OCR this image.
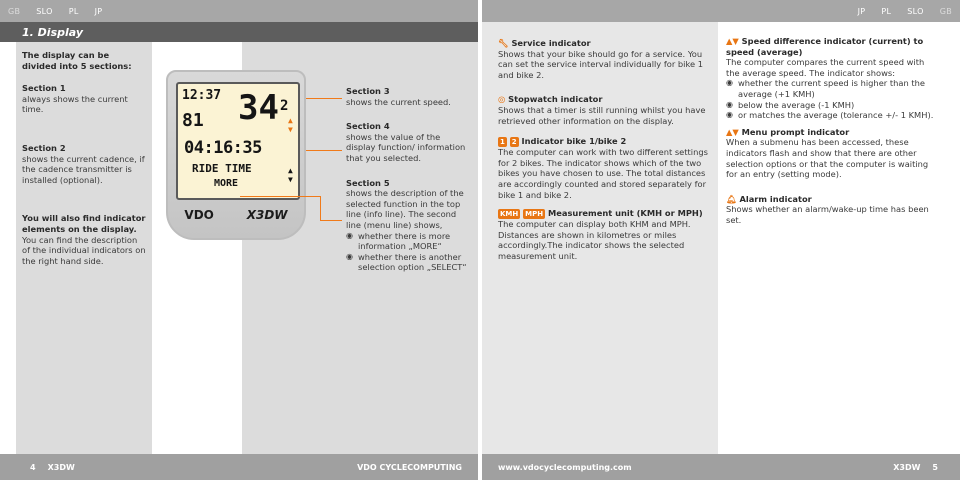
GB	SLO	PL	JP
1. Display
The display can be divided into 5 sections:
Section 1
always shows the current time.
Section 2
shows the current cadence, if the cadence transmitter is installed (optional).
You will also find indicator elements on the display.
You can find the description of the individual indicators on the right hand side.
12:37
81 34 2
▲
▼
04:16:35
RIDE TIME
MORE
▲
▼
VDO	X3DW
Section 3
shows the current speed.
Section 4
shows the value of the display function/ information that you selected.
Section 5
shows the description of the selected function in the top line (info line). The second line (menu line) shows,
◉ whether there is more information „MORE“
◉ whether there is another selection option „SELECT“
4 X3DW	VDO CYCLECOMPUTING
JP	PL	SLO	GB
🔧︎ Service indicator
Shows that your bike should go for a service. You can set the service interval individually for bike 1 and bike 2.
◎ Stopwatch indicator
Shows that a timer is still running whilst you have retrieved other information on the display.
1 2 Indicator bike 1/bike 2
The computer can work with two different settings for 2 bikes. The indicator shows which of the two bikes you have chosen to use. The total distances are accordingly counted and stored separately for bike 1 and bike 2.
KMH MPH Measurement unit (KMH or MPH)
The computer can display both KHM and MPH. Distances are shown in kilometres or miles accordingly.The indicator shows the selected measurement unit.
▲▼ Speed difference indicator (current) to speed (average)
The computer compares the current speed with the average speed. The indicator shows:
◉ whether the current speed is higher than the average (+1 KMH)
◉ below the average (-1 KMH)
◉ or matches the average (tolerance +/- 1 KMH).
▲▼ Menu prompt indicator
When a submenu has been accessed, these indicators flash and show that there are other selection options or that the computer is waiting for an entry (setting mode).
🔔︎ Alarm indicator
Shows whether an alarm/wake-up time has been set.
www.vdocyclecomputing.com	X3DW 5
